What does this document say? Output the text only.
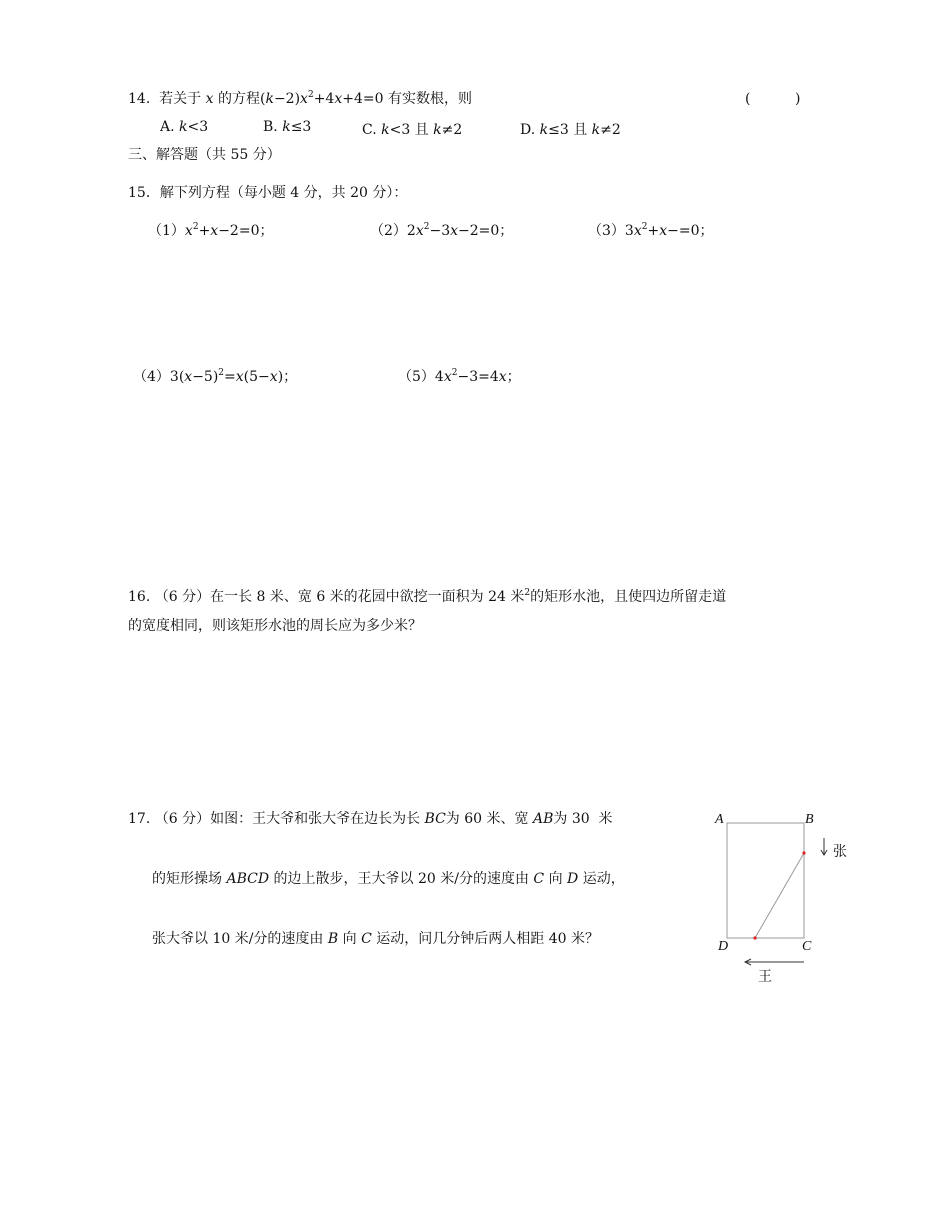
14.  若关于 x 的方程$(k-2)x^2+4x+4=0$ 有实数根，则	(          )
A. k<3	B. k≤3	C. k<3 且 k≠2	D. k≤3 且 k≠2
三、解答题（共 55 分）
15．解下列方程（每小题 4 分，共 20 分）：
$(1)x^2+x-2=0$；	$(2)2x^2-3x-2=0$；	$(3)3x^2+x-=0$；
$(4)3(x-5)^2=x(5-x)$；	$(5)4x^2-3=4x$；
16. （6 分）在一长 8 米、宽 6 米的花园中欲挖一面积为 24 米$^2$的矩形水池，且使四边所留走道
的宽度相同，则该矩形水池的周长应为多少米？
17. （6 分）如图：王大爷和张大爷在边长为长 BC为 60 米、宽 AB为 30  米
的矩形操场 ABCD 的边上散步，王大爷以 20 米/分的速度由 C 向 D 运动，
张大爷以 10 米/分的速度由 B 向 C 运动，问几分钟后两人相距 40 米？
A	B
C
D
张
王
